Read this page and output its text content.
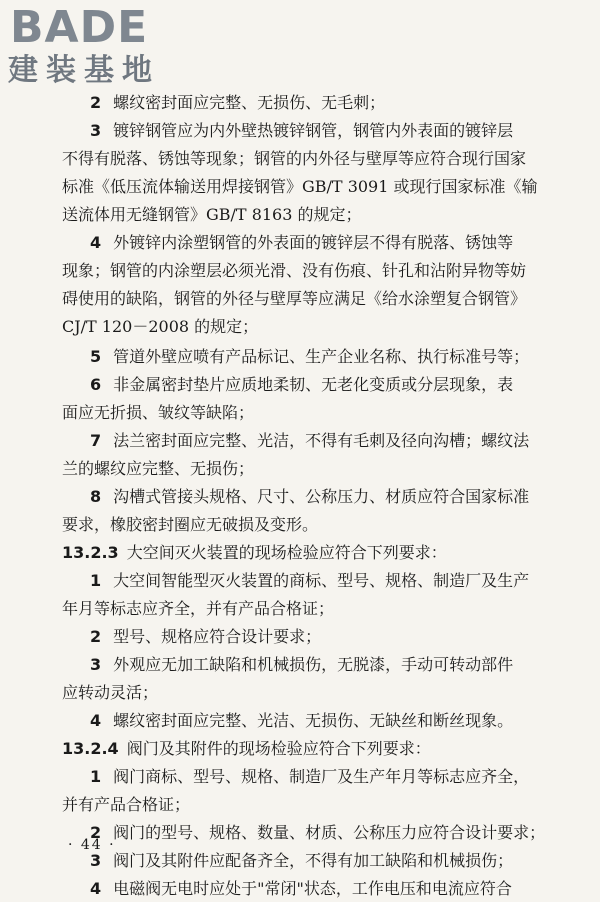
BADE
建装基地
2 螺纹密封面应完整、无损伤、无毛刺；
3 镀锌钢管应为内外壁热镀锌钢管，钢管内外表面的镀锌层
不得有脱落、锈蚀等现象；钢管的内外径与壁厚等应符合现行国家
标准《低压流体输送用焊接钢管》GB/T 3091 或现行国家标准《输
送流体用无缝钢管》GB/T 8163 的规定；
4 外镀锌内涂塑钢管的外表面的镀锌层不得有脱落、锈蚀等
现象；钢管的内涂塑层必须光滑、没有伤痕、针孔和沾附异物等妨
碍使用的缺陷，钢管的外径与壁厚等应满足《给水涂塑复合钢管》
CJ/T 120－2008 的规定；
5 管道外壁应喷有产品标记、生产企业名称、执行标准号等；
6 非金属密封垫片应质地柔韧、无老化变质或分层现象，表
面应无折损、皱纹等缺陷；
7 法兰密封面应完整、光洁，不得有毛刺及径向沟槽；螺纹法
兰的螺纹应完整、无损伤；
8 沟槽式管接头规格、尺寸、公称压力、材质应符合国家标准
要求，橡胶密封圈应无破损及变形。
13.2.3 大空间灭火装置的现场检验应符合下列要求：
1 大空间智能型灭火装置的商标、型号、规格、制造厂及生产
年月等标志应齐全，并有产品合格证；
2 型号、规格应符合设计要求；
3 外观应无加工缺陷和机械损伤，无脱漆，手动可转动部件
应转动灵活；
4 螺纹密封面应完整、光洁、无损伤、无缺丝和断丝现象。
13.2.4 阀门及其附件的现场检验应符合下列要求：
1 阀门商标、型号、规格、制造厂及生产年月等标志应齐全，
并有产品合格证；
2 阀门的型号、规格、数量、材质、公称压力应符合设计要求；
3 阀门及其附件应配备齐全，不得有加工缺陷和机械损伤；
4 电磁阀无电时应处于"常闭"状态，工作电压和电流应符合
· 44 ·
